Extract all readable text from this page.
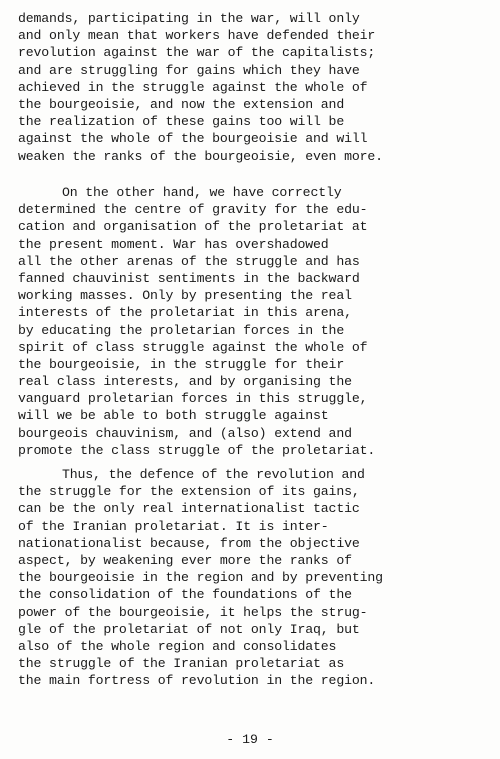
demands, participating in the war, will only
and only mean that workers have defended their
revolution against the war of the capitalists;
and are struggling for gains which they have
achieved in the struggle against the whole of
the bourgeoisie, and now the extension and
the realization of these gains too will be
against the whole of the bourgeoisie and will
weaken the ranks of the bourgeoisie, even more.
On the other hand, we have correctly
determined the centre of gravity for the edu-
cation and organisation of the proletariat at
the present moment. War has overshadowed
all the other arenas of the struggle and has
fanned chauvinist sentiments in the backward
working masses. Only by presenting the real
interests of the proletariat in this arena,
by educating the proletarian forces in the
spirit of class struggle against the whole of
the bourgeoisie, in the struggle for their
real class interests, and by organising the
vanguard proletarian forces in this struggle,
will we be able to both struggle against
bourgeois chauvinism, and (also) extend and
promote the class struggle of the proletariat.
Thus, the defence of the revolution and
the struggle for the extension of its gains,
can be the only real internationalist tactic
of the Iranian proletariat. It is inter-
nationationalist because, from the objective
aspect, by weakening ever more the ranks of
the bourgeoisie in the region and by preventing
the consolidation of the foundations of the
power of the bourgeoisie, it helps the strug-
gle of the proletariat of not only Iraq, but
also of the whole region and consolidates
the struggle of the Iranian proletariat as
the main fortress of revolution in the region.
- 19 -
